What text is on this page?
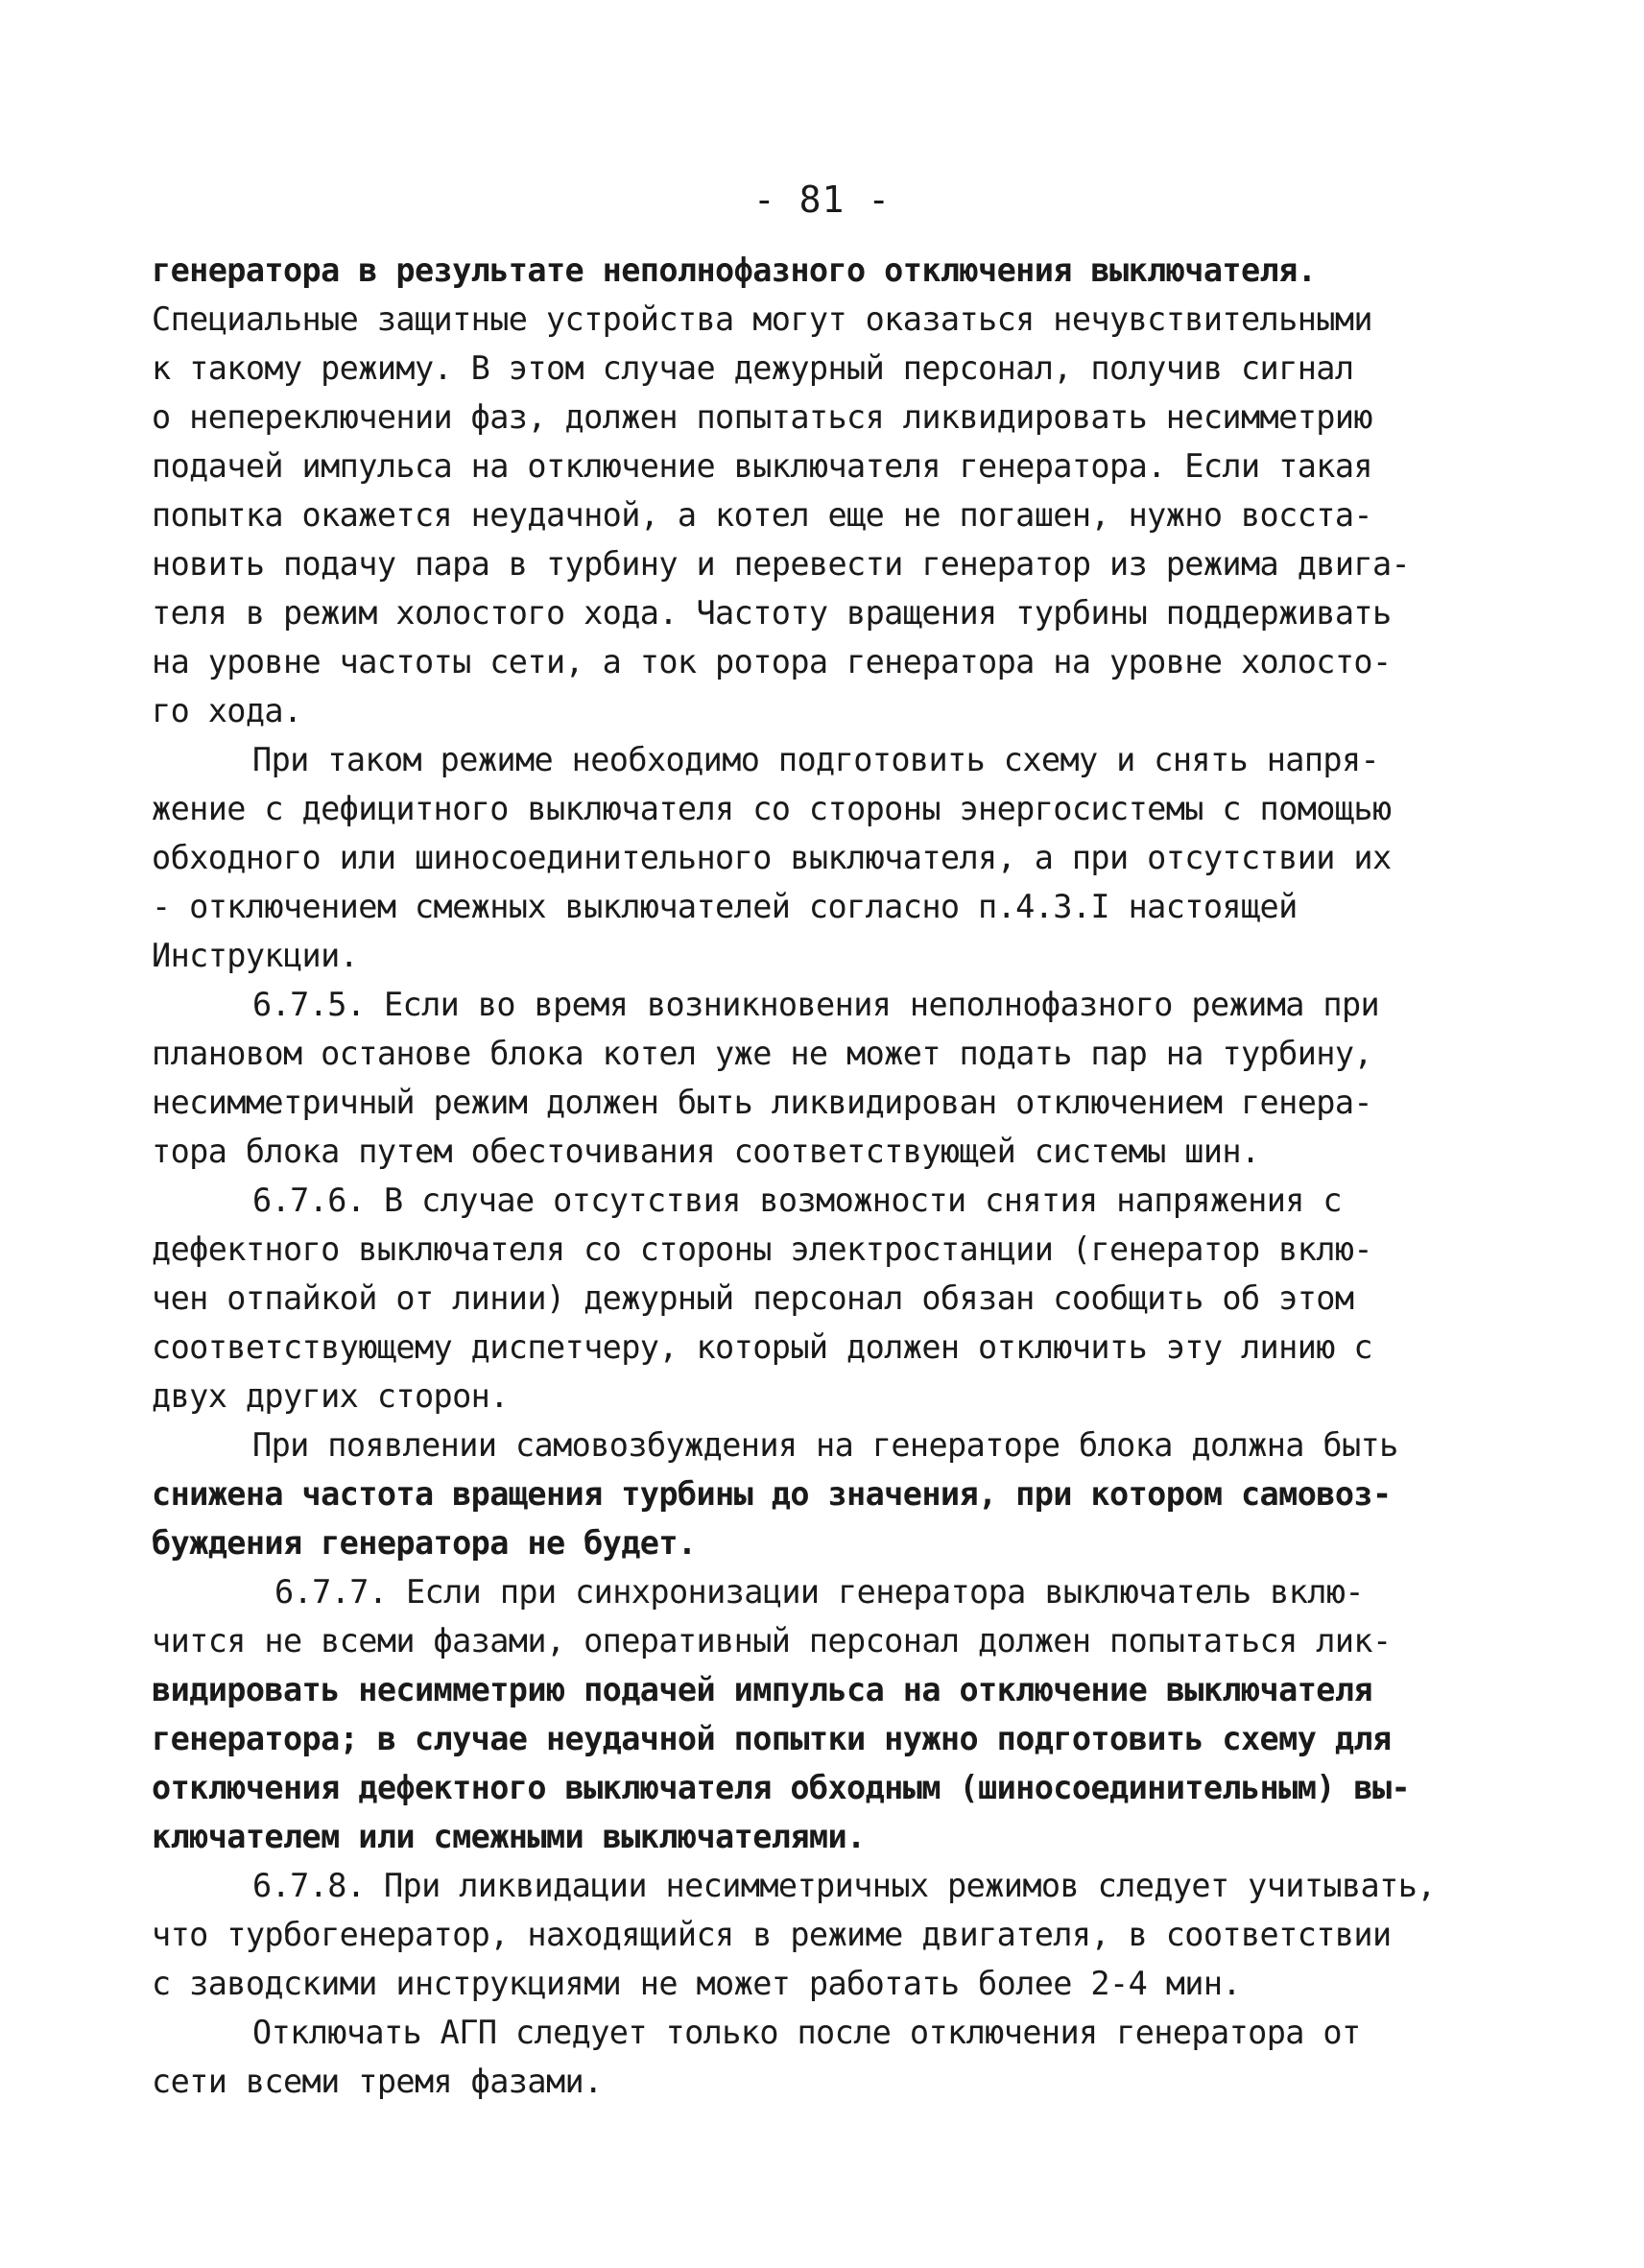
- 81 -
генератора в результате неполнофазного отключения выключателя.
Специальные защитные устройства могут оказаться нечувствительными
к такому режиму. В этом случае дежурный персонал, получив сигнал
о непереключении фаз, должен попытаться ликвидировать несимметрию
подачей импульса на отключение выключателя генератора. Если такая
попытка окажется неудачной, а котел еще не погашен, нужно восста-
новить подачу пара в турбину и перевести генератор из режима двига-
теля в режим холостого хода. Частоту вращения турбины поддерживать
на уровне частоты сети, а ток ротора генератора на уровне холосто-
го хода.
При таком режиме необходимо подготовить схему и снять напря-
жение с дефицитного выключателя со стороны энергосистемы с помощью
обходного или шиносоединительного выключателя, а при отсутствии их
- отключением смежных выключателей согласно п.4.3.I настоящей
Инструкции.
6.7.5. Если во время возникновения неполнофазного режима при
плановом останове блока котел уже не может подать пар на турбину,
несимметричный режим должен быть ликвидирован отключением генера-
тора блока путем обесточивания соответствующей системы шин.
6.7.6. В случае отсутствия возможности снятия напряжения с
дефектного выключателя со стороны электростанции (генератор вклю-
чен отпайкой от линии) дежурный персонал обязан сообщить об этом
соответствующему диспетчеру, который должен отключить эту линию с
двух других сторон.
При появлении самовозбуждения на генераторе блока должна быть
снижена частота вращения турбины до значения, при котором самовоз-
буждения генератора не будет.
6.7.7. Если при синхронизации генератора выключатель вклю-
чится не всеми фазами, оперативный персонал должен попытаться лик-
видировать несимметрию подачей импульса на отключение выключателя
генератора; в случае неудачной попытки нужно подготовить схему для
отключения дефектного выключателя обходным (шиносоединительным) вы-
ключателем или смежными выключателями.
6.7.8. При ликвидации несимметричных режимов следует учитывать,
что турбогенератор, находящийся в режиме двигателя, в соответствии
с заводскими инструкциями не может работать более 2-4 мин.
Отключать АГП следует только после отключения генератора от
сети всеми тремя фазами.
